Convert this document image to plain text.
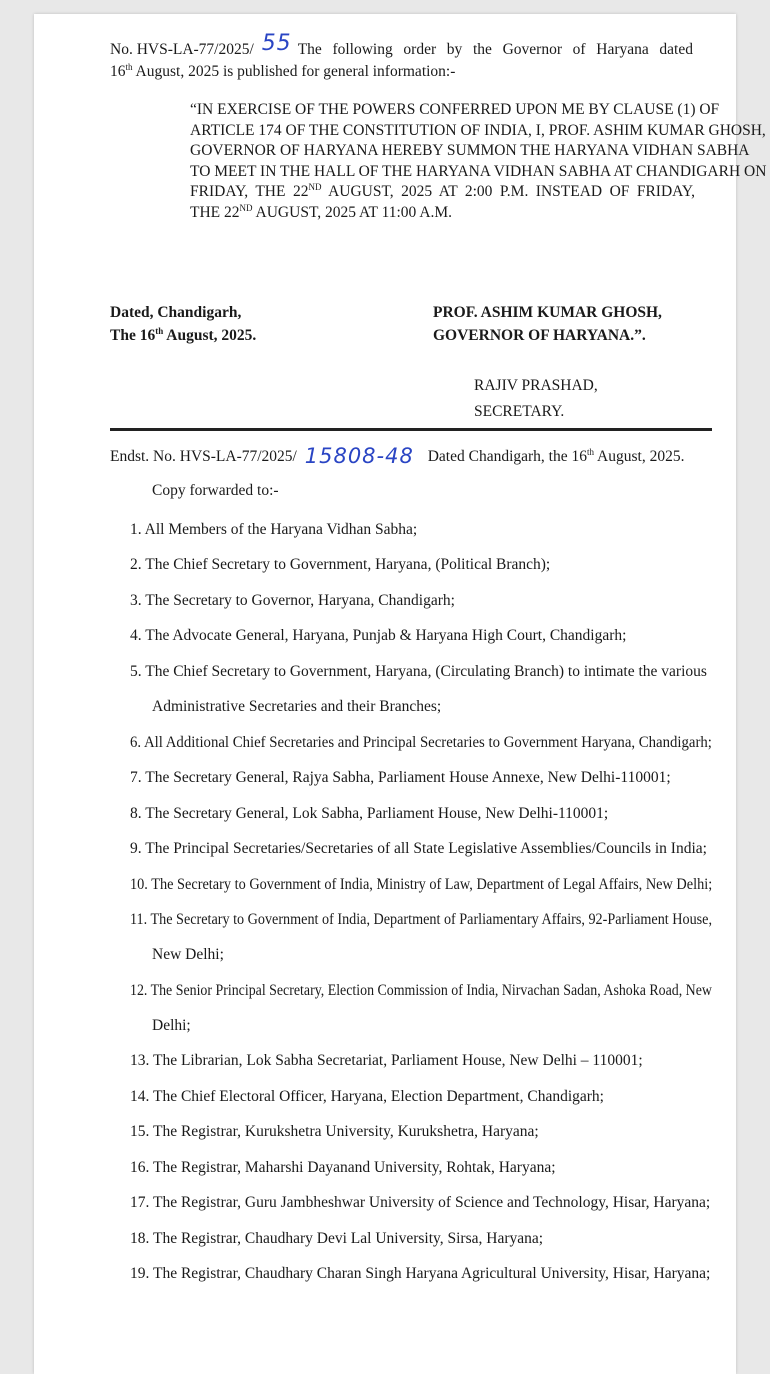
No. HVS-LA-77/2025/ 55 The following order by the Governor of Haryana dated
16th August, 2025 is published for general information:-
“IN EXERCISE OF THE POWERS CONFERRED UPON ME BY CLAUSE (1) OF
ARTICLE 174 OF THE CONSTITUTION OF INDIA, I, PROF. ASHIM KUMAR GHOSH,
GOVERNOR OF HARYANA HEREBY SUMMON THE HARYANA VIDHAN SABHA
TO MEET IN THE HALL OF THE HARYANA VIDHAN SABHA AT CHANDIGARH ON
FRIDAY, THE 22ND AUGUST, 2025 AT 2:00 P.M. INSTEAD OF FRIDAY,
THE 22ND AUGUST, 2025 AT 11:00 A.M.
Dated, Chandigarh,
The 16th August, 2025.
PROF. ASHIM KUMAR GHOSH,
GOVERNOR OF HARYANA.”.
RAJIV PRASHAD,
SECRETARY.
Endst. No. HVS-LA-77/2025/ 15808-48 Dated Chandigarh, the 16th August, 2025.
Copy forwarded to:-
1. All Members of the Haryana Vidhan Sabha;
2. The Chief Secretary to Government, Haryana, (Political Branch);
3. The Secretary to Governor, Haryana, Chandigarh;
4. The Advocate General, Haryana, Punjab & Haryana High Court, Chandigarh;
5. The Chief Secretary to Government, Haryana, (Circulating Branch) to intimate the various
Administrative Secretaries and their Branches;
6. All Additional Chief Secretaries and Principal Secretaries to Government Haryana, Chandigarh;
7. The Secretary General, Rajya Sabha, Parliament House Annexe, New Delhi-110001;
8. The Secretary General, Lok Sabha, Parliament House, New Delhi-110001;
9. The Principal Secretaries/Secretaries of all State Legislative Assemblies/Councils in India;
10. The Secretary to Government of India, Ministry of Law, Department of Legal Affairs, New Delhi;
11. The Secretary to Government of India, Department of Parliamentary Affairs, 92-Parliament House,
New Delhi;
12. The Senior Principal Secretary, Election Commission of India, Nirvachan Sadan, Ashoka Road, New
Delhi;
13. The Librarian, Lok Sabha Secretariat, Parliament House, New Delhi – 110001;
14. The Chief Electoral Officer, Haryana, Election Department, Chandigarh;
15. The Registrar, Kurukshetra University, Kurukshetra, Haryana;
16. The Registrar, Maharshi Dayanand University, Rohtak, Haryana;
17. The Registrar, Guru Jambheshwar University of Science and Technology, Hisar, Haryana;
18. The Registrar, Chaudhary Devi Lal University, Sirsa, Haryana;
19. The Registrar, Chaudhary Charan Singh Haryana Agricultural University, Hisar, Haryana;
